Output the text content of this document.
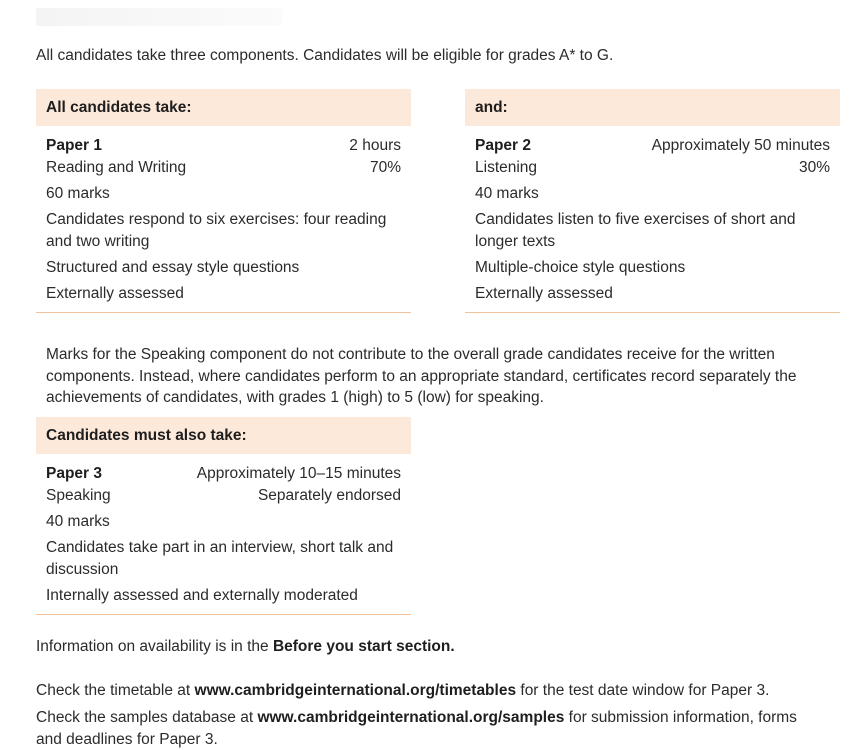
All candidates take three components. Candidates will be eligible for grades A* to G.
All candidates take:
Paper 1	2 hours
Reading and Writing	70%
60 marks
Candidates respond to six exercises: four reading and two writing
Structured and essay style questions
Externally assessed
and:
Paper 2	Approximately 50 minutes
Listening	30%
40 marks
Candidates listen to five exercises of short and longer texts
Multiple-choice style questions
Externally assessed
Marks for the Speaking component do not contribute to the overall grade candidates receive for the written components. Instead, where candidates perform to an appropriate standard, certificates record separately the achievements of candidates, with grades 1 (high) to 5 (low) for speaking.
Candidates must also take:
Paper 3	Approximately 10–15 minutes
Speaking	Separately endorsed
40 marks
Candidates take part in an interview, short talk and discussion
Internally assessed and externally moderated
Information on availability is in the Before you start section.
Check the timetable at www.cambridgeinternational.org/timetables for the test date window for Paper 3.
Check the samples database at www.cambridgeinternational.org/samples for submission information, forms and deadlines for Paper 3.
